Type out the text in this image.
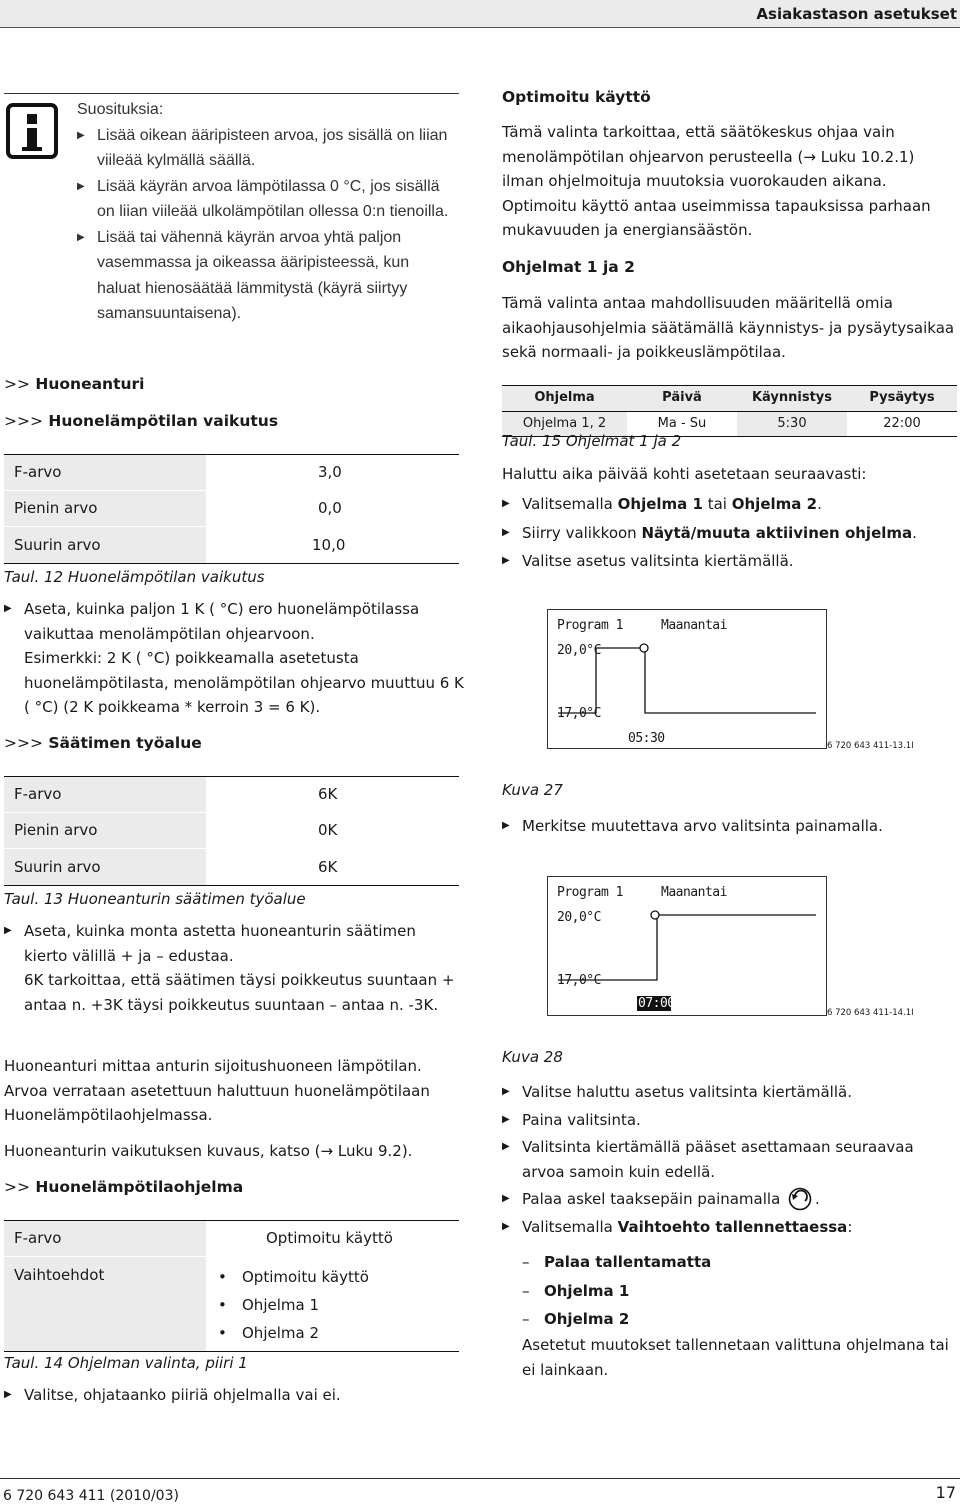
Asiakastason asetukset
Suosituksia:
▶ Lisää oikean ääripisteen arvoa, jos sisällä on liian viileää kylmällä säällä.
▶ Lisää käyrän arvoa lämpötilassa 0 °C, jos sisällä on liian viileää ulkolämpötilan ollessa 0:n tienoilla.
▶ Lisää tai vähennä käyrän arvoa yhtä paljon vasemmassa ja oikeassa ääripisteessä, kun haluat hienosäätää lämmitystä (käyrä siirtyy samansuuntaisena).
>> Huoneanturi
>>> Huonelämpötilan vaikutus
F-arvo	3,0
Pienin arvo	0,0
Suurin arvo	10,0
Taul. 12 Huonelämpötilan vaikutus
▶ Aseta, kuinka paljon 1 K ( °C) ero huonelämpötilassa vaikuttaa menolämpötilan ohjearvoon.
Esimerkki: 2 K ( °C) poikkeamalla asetetusta huonelämpötilasta, menolämpötilan ohjearvo muuttuu 6 K ( °C) (2 K poikkeama * kerroin 3 = 6 K).
>>> Säätimen työalue
F-arvo	6K
Pienin arvo	0K
Suurin arvo	6K
Taul. 13 Huoneanturin säätimen työalue
▶ Aseta, kuinka monta astetta huoneanturin säätimen kierto välillä + ja – edustaa.
6K tarkoittaa, että säätimen täysi poikkeutus suuntaan + antaa n. +3K täysi poikkeutus suuntaan – antaa n. -3K.
Huoneanturi mittaa anturin sijoitushuoneen lämpötilan. Arvoa verrataan asetettuun haluttuun huonelämpötilaan Huonelämpötilaohjelmassa.
Huoneanturin vaikutuksen kuvaus, katso (→ Luku 9.2).
>> Huonelämpötilaohjelma
F-arvo	Optimoitu käyttö
Vaihtoehdot	• Optimoitu käyttö
• Ohjelma 1
• Ohjelma 2
Taul. 14 Ohjelman valinta, piiri 1
▶ Valitse, ohjataanko piiriä ohjelmalla vai ei.
Optimoitu käyttö
Tämä valinta tarkoittaa, että säätökeskus ohjaa vain menolämpötilan ohjearvon perusteella (→ Luku 10.2.1) ilman ohjelmoituja muutoksia vuorokauden aikana. Optimoitu käyttö antaa useimmissa tapauksissa parhaan mukavuuden ja energiansäästön.
Ohjelmat 1 ja 2
Tämä valinta antaa mahdollisuuden määritellä omia aikaohjausohjelmia säätämällä käynnistys- ja pysäytysaikaa sekä normaali- ja poikkeuslämpötilaa.
Ohjelma	Päivä	Käynnistys	Pysäytys
Ohjelma 1, 2	Ma - Su	5:30	22:00
Taul. 15 Ohjelmat 1 ja 2
Haluttu aika päivää kohti asetetaan seuraavasti:
▶ Valitsemalla Ohjelma 1 tai Ohjelma 2.
▶ Siirry valikkoon Näytä/muuta aktiivinen ohjelma.
▶ Valitse asetus valitsinta kiertämällä.
Program 1	Maanantai
20,0°C
17,0°C
05:30	6 720 643 411-13.1I
Kuva 27
▶ Merkitse muutettava arvo valitsinta painamalla.
Program 1	Maanantai
20,0°C
17,0°C
07:00
6 720 643 411-14.1I
Kuva 28
▶ Valitse haluttu asetus valitsinta kiertämällä.
▶ Paina valitsinta.
▶ Valitsinta kiertämällä pääset asettamaan seuraavaa arvoa samoin kuin edellä.
▶ Palaa askel taaksepäin painamalla .
▶ Valitsemalla Vaihtoehto tallennettaessa:
– Palaa tallentamatta
– Ohjelma 1
– Ohjelma 2
Asetetut muutokset tallennetaan valittuna ohjelmana tai ei lainkaan.
6 720 643 411 (2010/03)	17
